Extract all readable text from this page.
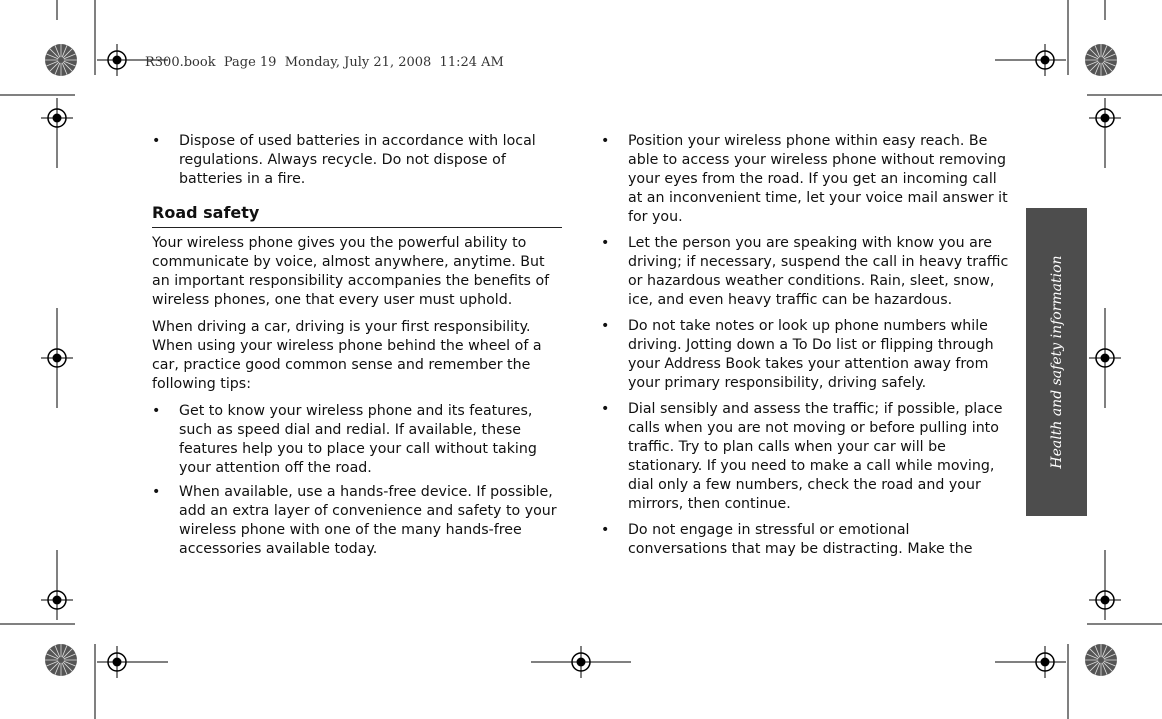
R300.book  Page 19  Monday, July 21, 2008  11:24 AM
• Dispose of used batteries in accordance with local regulations. Always recycle. Do not dispose of batteries in a fire.
Road safety

Your wireless phone gives you the powerful ability to communicate by voice, almost anywhere, anytime. But an important responsibility accompanies the benefits of wireless phones, one that every user must uphold.

When driving a car, driving is your first responsibility. When using your wireless phone behind the wheel of a car, practice good common sense and remember the following tips:

• Get to know your wireless phone and its features, such as speed dial and redial. If available, these features help you to place your call without taking your attention off the road.
• When available, use a hands-free device. If possible, add an extra layer of convenience and safety to your wireless phone with one of the many hands-free accessories available today.
• Position your wireless phone within easy reach. Be able to access your wireless phone without removing your eyes from the road. If you get an incoming call at an inconvenient time, let your voice mail answer it for you.
• Let the person you are speaking with know you are driving; if necessary, suspend the call in heavy traffic or hazardous weather conditions. Rain, sleet, snow, ice, and even heavy traffic can be hazardous.
• Do not take notes or look up phone numbers while driving. Jotting down a To Do list or flipping through your Address Book takes your attention away from your primary responsibility, driving safely.
• Dial sensibly and assess the traffic; if possible, place calls when you are not moving or before pulling into traffic. Try to plan calls when your car will be stationary. If you need to make a call while moving, dial only a few numbers, check the road and your mirrors, then continue.
• Do not engage in stressful or emotional conversations that may be distracting. Make the
Health and safety information
